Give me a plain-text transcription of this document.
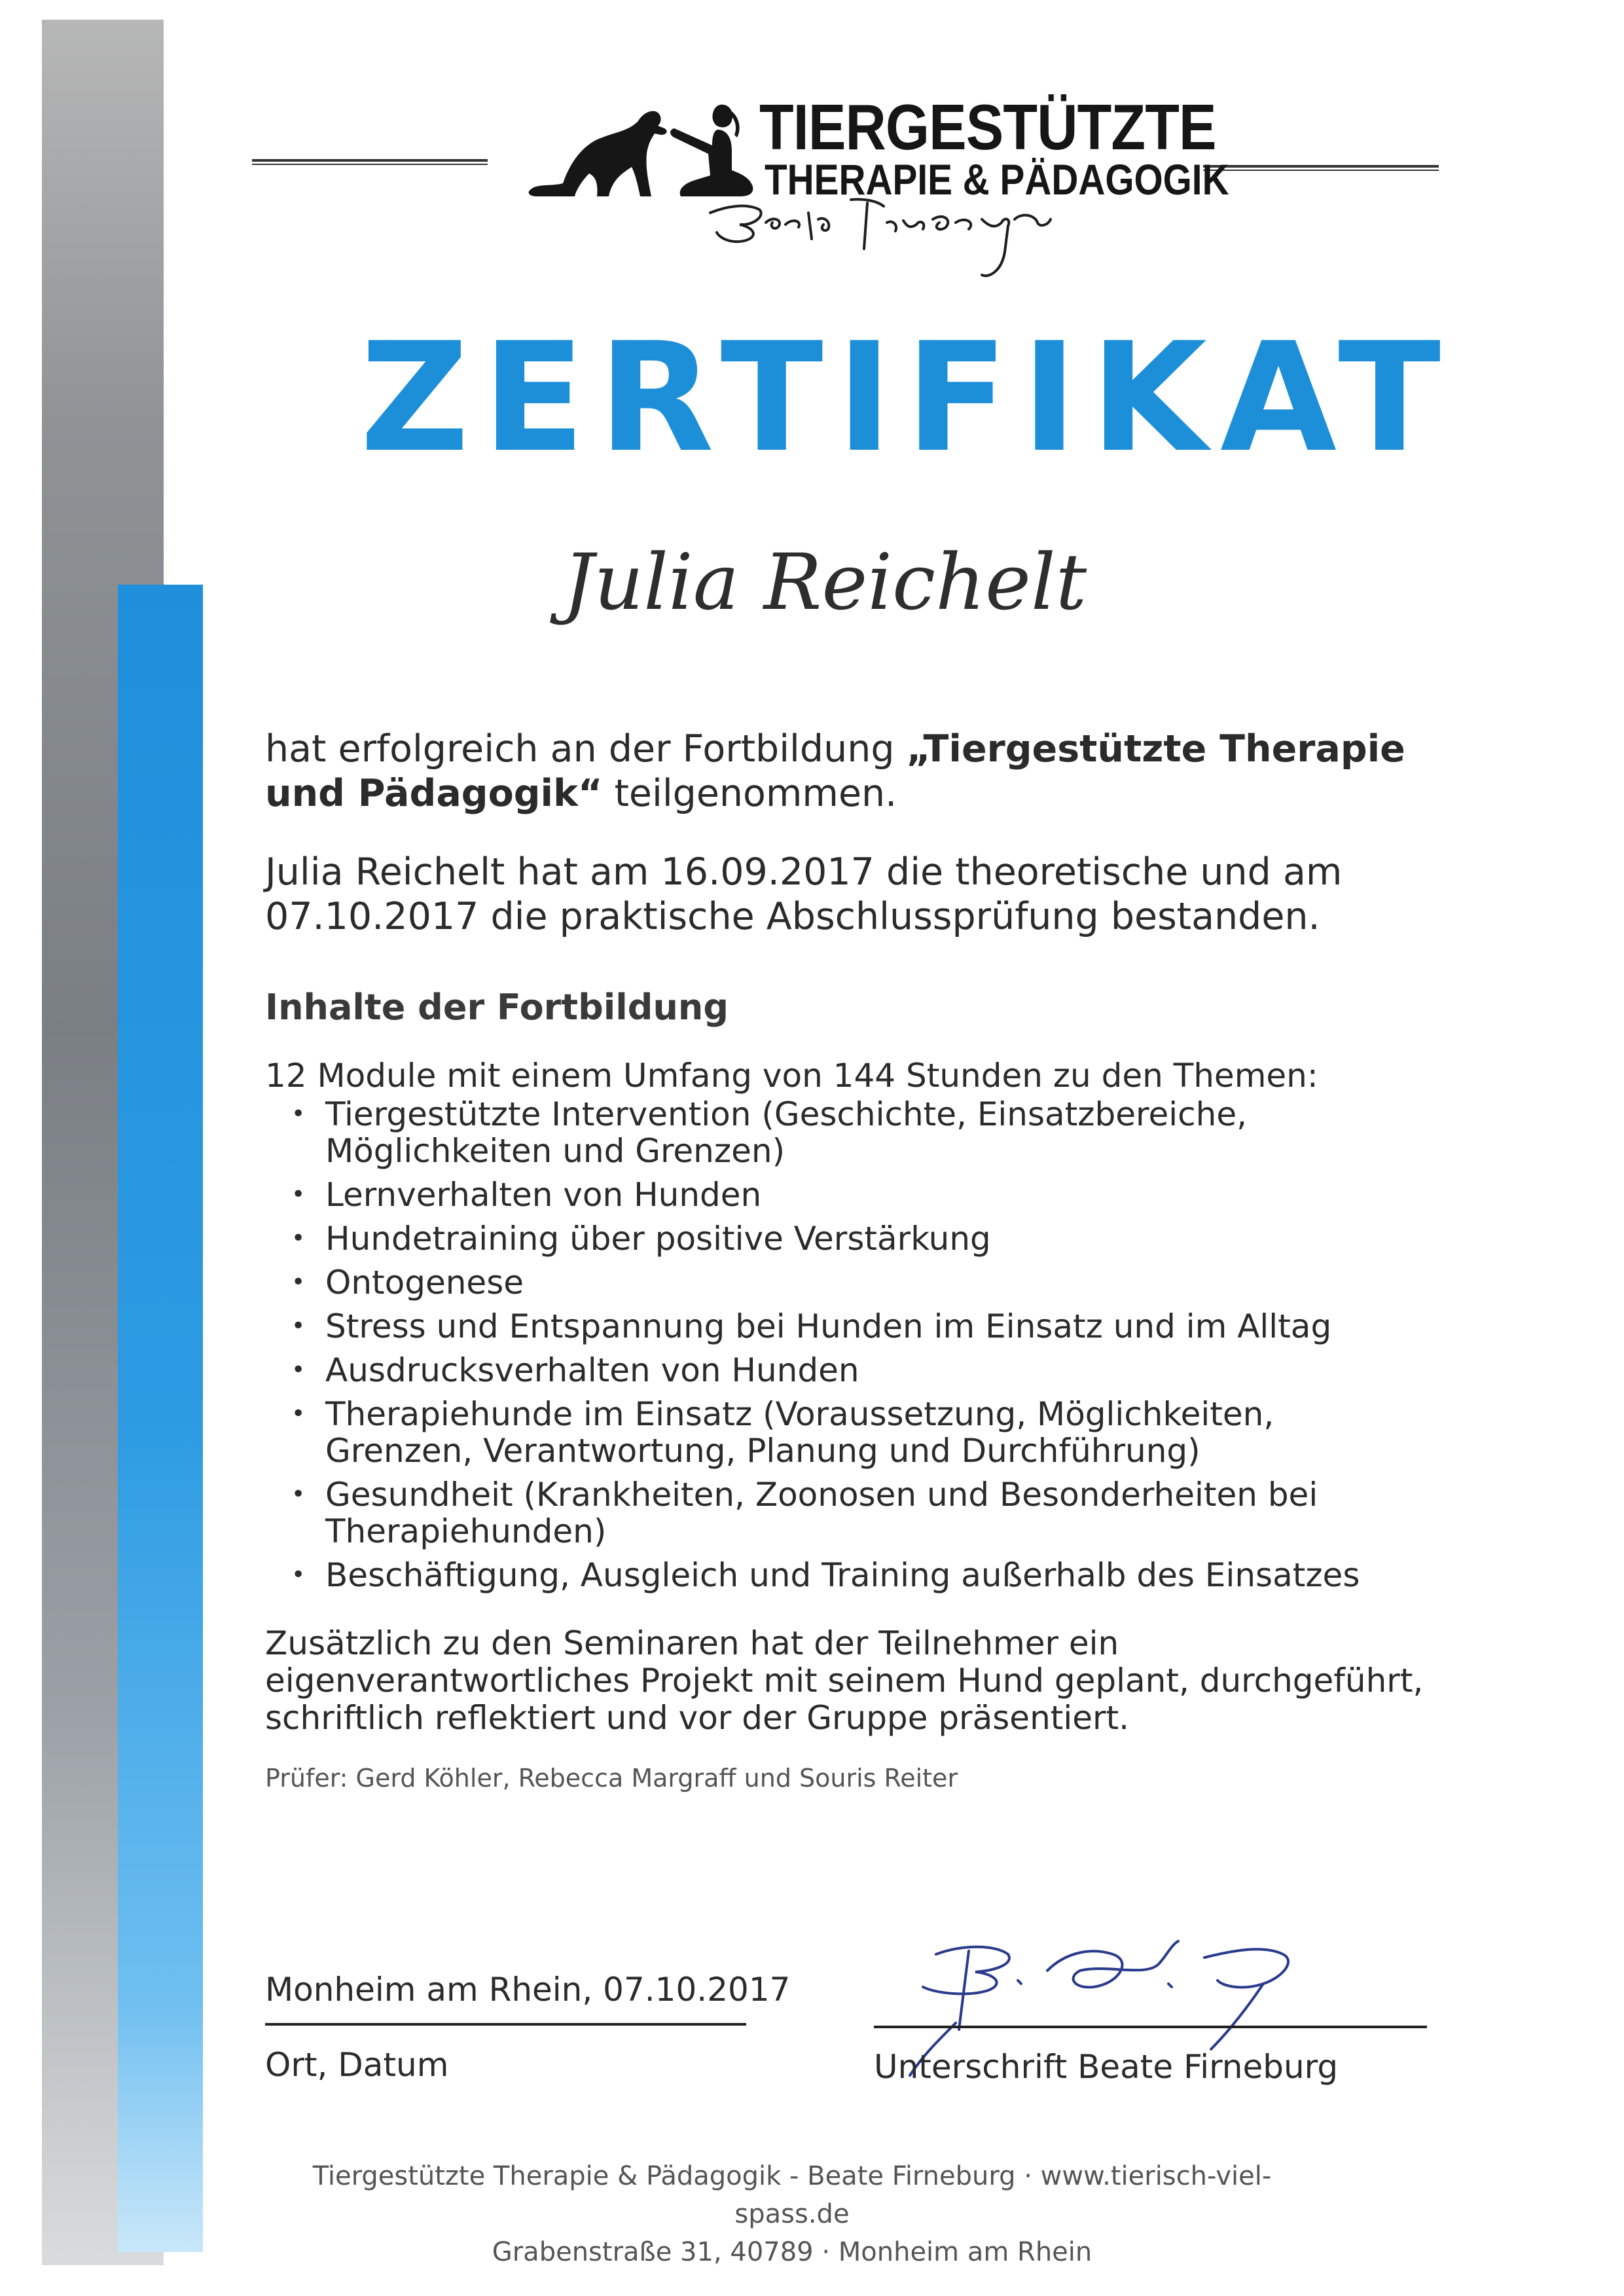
TIERGESTÜTZTE
THERAPIE & PÄDAGOGIK
ZERTIFIKAT
Julia Reichelt

hat erfolgreich an der Fortbildung „Tiergestützte Therapie und Pädagogik“ teilgenommen.

Julia Reichelt hat am 16.09.2017 die theoretische und am 07.10.2017 die praktische Abschlussprüfung bestanden.

Inhalte der Fortbildung

12 Module mit einem Umfang von 144 Stunden zu den Themen:

• Tiergestützte Intervention (Geschichte, Einsatzbereiche, Möglichkeiten und Grenzen)
• Lernverhalten von Hunden
• Hundetraining über positive Verstärkung
• Ontogenese
• Stress und Entspannung bei Hunden im Einsatz und im Alltag
• Ausdrucksverhalten von Hunden
• Therapiehunde im Einsatz (Voraussetzung, Möglichkeiten, Grenzen, Verantwortung, Planung und Durchführung)
• Gesundheit (Krankheiten, Zoonosen und Besonderheiten bei Therapiehunden)
• Beschäftigung, Ausgleich und Training außerhalb des Einsatzes

Zusätzlich zu den Seminaren hat der Teilnehmer ein eigenverantwortliches Projekt mit seinem Hund geplant, durchgeführt, schriftlich reflektiert und vor der Gruppe präsentiert.

Prüfer: Gerd Köhler, Rebecca Margraff und Souris Reiter

Monheim am Rhein, 07.10.2017
Ort, Datum	Unterschrift Beate Firneburg
Tiergestützte Therapie & Pädagogik - Beate Firneburg · www.tierisch-viel-spass.de
Grabenstraße 31, 40789 · Monheim am Rhein
